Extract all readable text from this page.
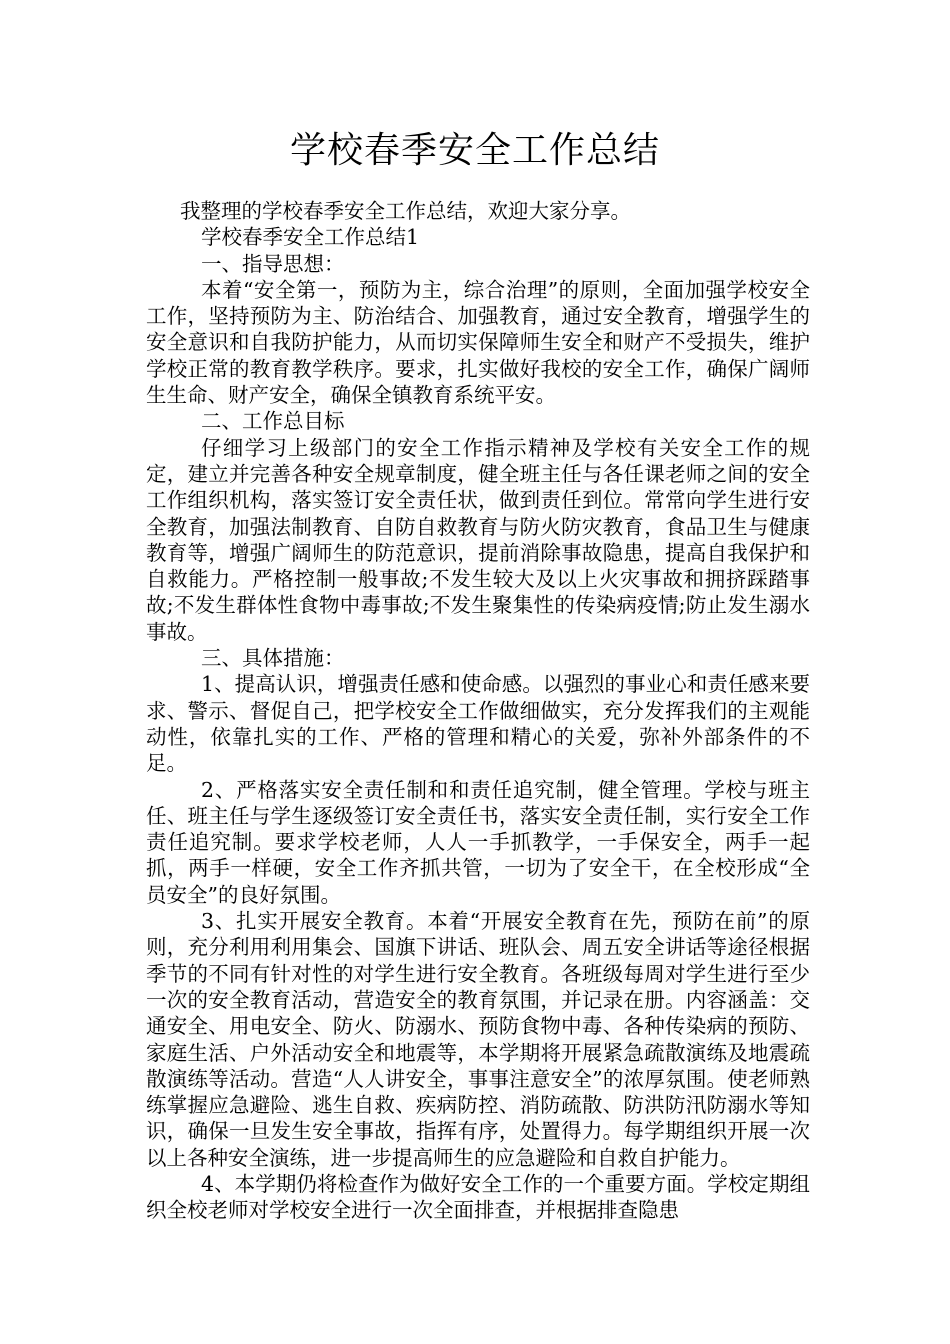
学校春季安全工作总结

我整理的学校春季安全工作总结，欢迎大家分享。

学校春季安全工作总结1

一、指导思想：

本着“安全第一，预防为主，综合治理”的原则，全面加强学校安全工作，坚持预防为主、防治结合、加强教育，通过安全教育，增强学生的安全意识和自我防护能力，从而切实保障师生安全和财产不受损失，维护学校正常的教育教学秩序。要求，扎实做好我校的安全工作，确保广阔师生生命、财产安全，确保全镇教育系统平安。

二、工作总目标

仔细学习上级部门的安全工作指示精神及学校有关安全工作的规定，建立并完善各种安全规章制度，健全班主任与各任课老师之间的安全工作组织机构，落实签订安全责任状，做到责任到位。常常向学生进行安全教育，加强法制教育、自防自救教育与防火防灾教育，食品卫生与健康教育等，增强广阔师生的防范意识，提前消除事故隐患，提高自我保护和自救能力。严格控制一般事故;不发生较大及以上火灾事故和拥挤踩踏事故;不发生群体性食物中毒事故;不发生聚集性的传染病疫情;防止发生溺水事故。

三、具体措施：

1、提高认识，增强责任感和使命感。以强烈的事业心和责任感来要求、警示、督促自己，把学校安全工作做细做实，充分发挥我们的主观能动性，依靠扎实的工作、严格的管理和精心的关爱，弥补外部条件的不足。

2、严格落实安全责任制和和责任追究制，健全管理。学校与班主任、班主任与学生逐级签订安全责任书，落实安全责任制，实行安全工作责任追究制。要求学校老师，人人一手抓教学，一手保安全，两手一起抓，两手一样硬，安全工作齐抓共管，一切为了安全干，在全校形成“全员安全”的良好氛围。

3、扎实开展安全教育。本着“开展安全教育在先，预防在前”的原则，充分利用利用集会、国旗下讲话、班队会、周五安全讲话等途径根据季节的不同有针对性的对学生进行安全教育。各班级每周对学生进行至少一次的安全教育活动，营造安全的教育氛围，并记录在册。内容涵盖：交通安全、用电安全、防火、防溺水、预防食物中毒、各种传染病的预防、家庭生活、户外活动安全和地震等，本学期将开展紧急疏散演练及地震疏散演练等活动。营造“人人讲安全，事事注意安全”的浓厚氛围。使老师熟练掌握应急避险、逃生自救、疾病防控、消防疏散、防洪防汛防溺水等知识，确保一旦发生安全事故，指挥有序，处置得力。每学期组织开展一次以上各种安全演练，进一步提高师生的应急避险和自救自护能力。

4、本学期仍将检查作为做好安全工作的一个重要方面。学校定期组织全校老师对学校安全进行一次全面排查，并根据排查隐患
